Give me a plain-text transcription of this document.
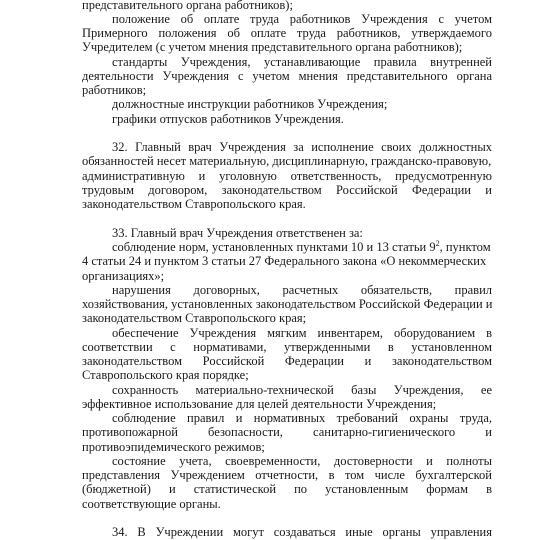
представительного органа работников);
положение об оплате труда работников Учреждения с учетом
Примерного положения об оплате труда работников, утверждаемого
Учредителем (с учетом мнения представительного органа работников);
стандарты Учреждения, устанавливающие правила внутренней
деятельности Учреждения с учетом мнения представительного органа
работников;
должностные инструкции работников Учреждения;
графики отпусков работников Учреждения.
32. Главный врач Учреждения за исполнение своих должностных
обязанностей несет материальную, дисциплинарную, гражданско-правовую,
административную и уголовную ответственность, предусмотренную
трудовым договором, законодательством Российской Федерации и
законодательством Ставропольского края.
33. Главный врач Учреждения ответственен за:
соблюдение норм, установленных пунктами 10 и 13 статьи $9^2$, пунктом
4 статьи 24 и пунктом 3 статьи 27 Федерального закона «О некоммерческих
организациях»;
нарушения договорных, расчетных обязательств, правил
хозяйствования, установленных законодательством Российской Федерации и
законодательством Ставропольского края;
обеспечение Учреждения мягким инвентарем, оборудованием в
соответствии с нормативами, утвержденными в установленном
законодательством Российской Федерации и законодательством
Ставропольского края порядке;
сохранность материально-технической базы Учреждения, ее
эффективное использование для целей деятельности Учреждения;
соблюдение правил и нормативных требований охраны труда,
противопожарной безопасности, санитарно-гигиенического и
противоэпидемического режимов;
состояние учета, своевременности, достоверности и полноты
представления Учреждением отчетности, в том числе бухгалтерской
(бюджетной) и статистической по установленным формам в
соответствующие органы.
34. В Учреждении могут создаваться иные органы управления
